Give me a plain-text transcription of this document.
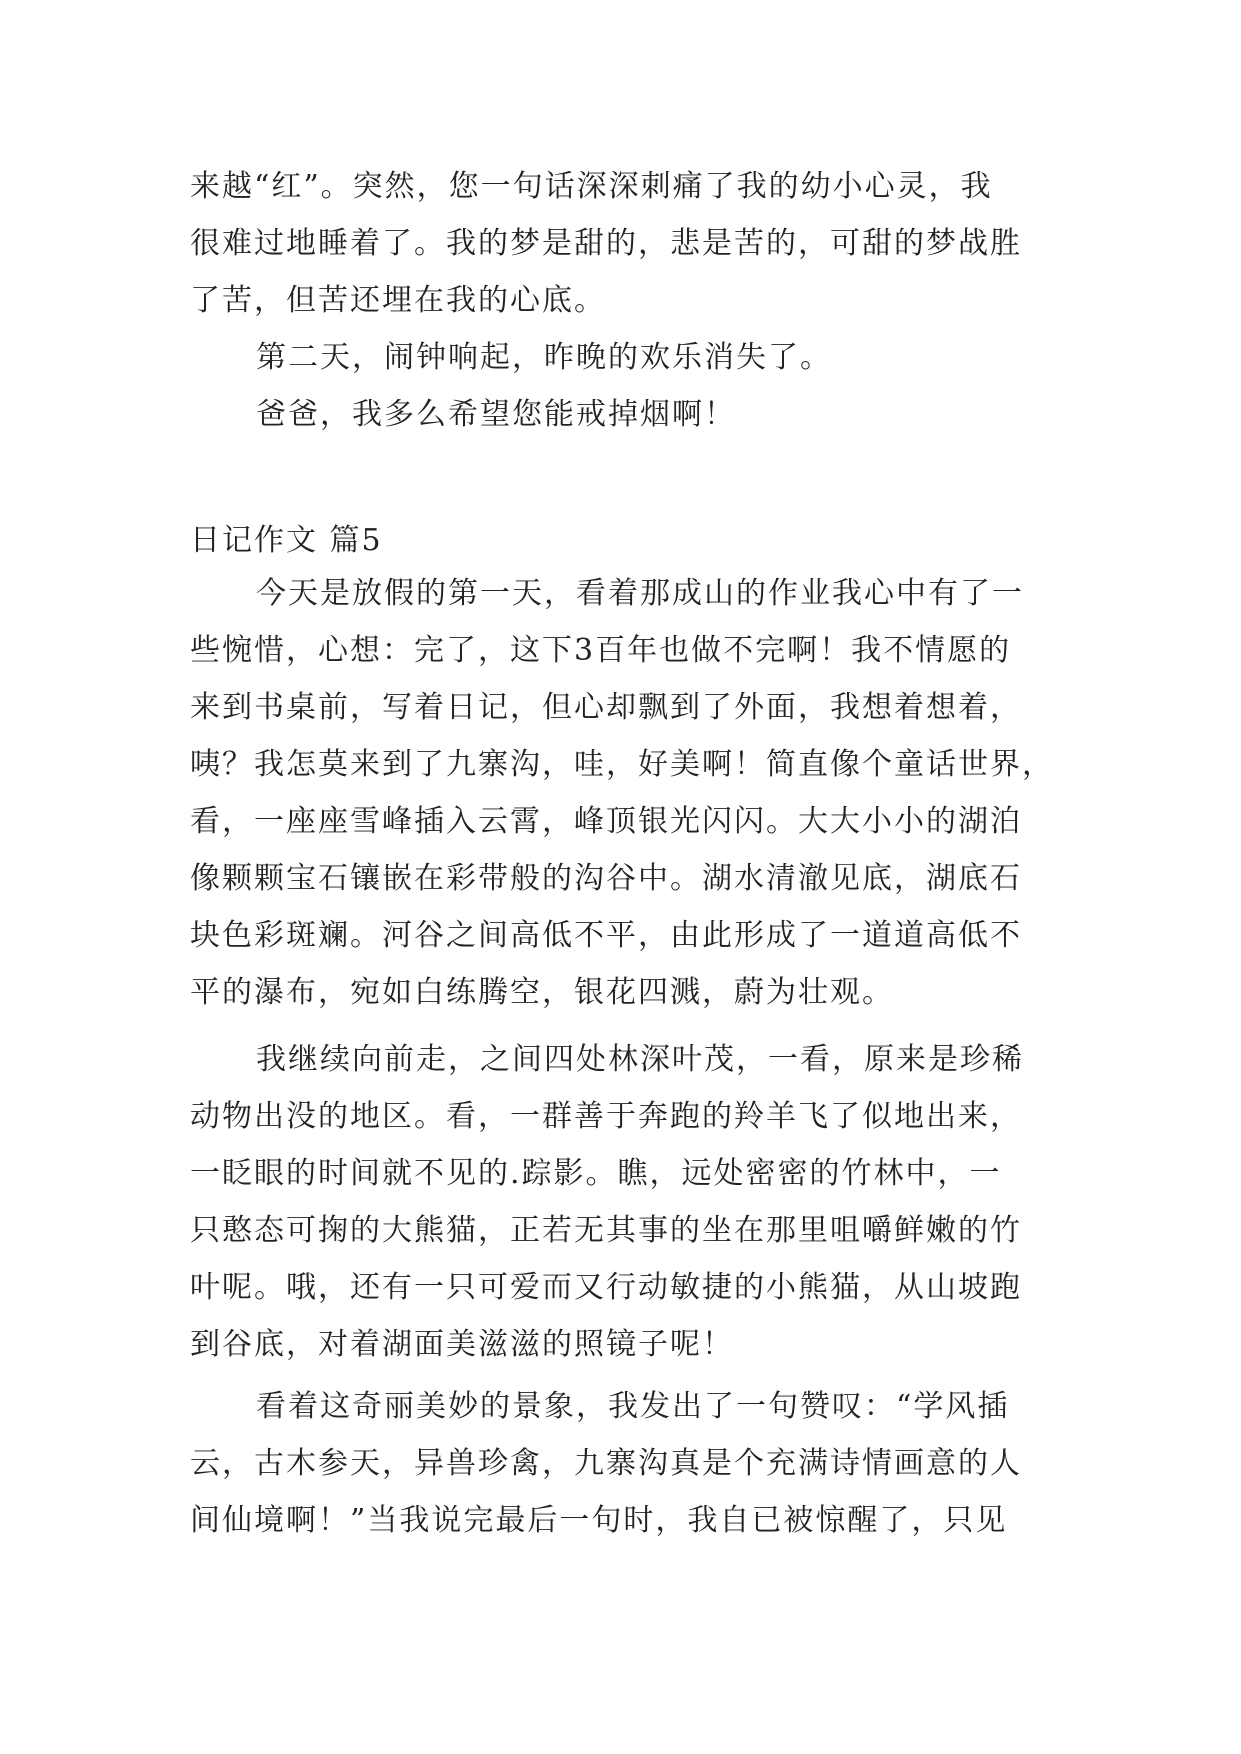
来越“红”。突然，您一句话深深刺痛了我的幼小心灵，我
很难过地睡着了。我的梦是甜的，悲是苦的，可甜的梦战胜
了苦，但苦还埋在我的心底。
第二天，闹钟响起，昨晚的欢乐消失了。
爸爸，我多么希望您能戒掉烟啊！
日记作文 篇5
今天是放假的第一天，看着那成山的作业我心中有了一
些惋惜，心想：完了，这下3百年也做不完啊！我不情愿的
来到书桌前，写着日记，但心却飘到了外面，我想着想着，
咦？我怎莫来到了九寨沟，哇，好美啊！简直像个童话世界，
看，一座座雪峰插入云霄，峰顶银光闪闪。大大小小的湖泊
像颗颗宝石镶嵌在彩带般的沟谷中。湖水清澈见底，湖底石
块色彩斑斓。河谷之间高低不平，由此形成了一道道高低不
平的瀑布，宛如白练腾空，银花四溅，蔚为壮观。
我继续向前走，之间四处林深叶茂，一看，原来是珍稀
动物出没的地区。看，一群善于奔跑的羚羊飞了似地出来，
一眨眼的时间就不见的.踪影。瞧，远处密密的竹林中，一
只憨态可掬的大熊猫，正若无其事的坐在那里咀嚼鲜嫩的竹
叶呢。哦，还有一只可爱而又行动敏捷的小熊猫，从山坡跑
到谷底，对着湖面美滋滋的照镜子呢！
看着这奇丽美妙的景象，我发出了一句赞叹：“学风插
云，古木参天，异兽珍禽，九寨沟真是个充满诗情画意的人
间仙境啊！”当我说完最后一句时，我自已被惊醒了，只见
